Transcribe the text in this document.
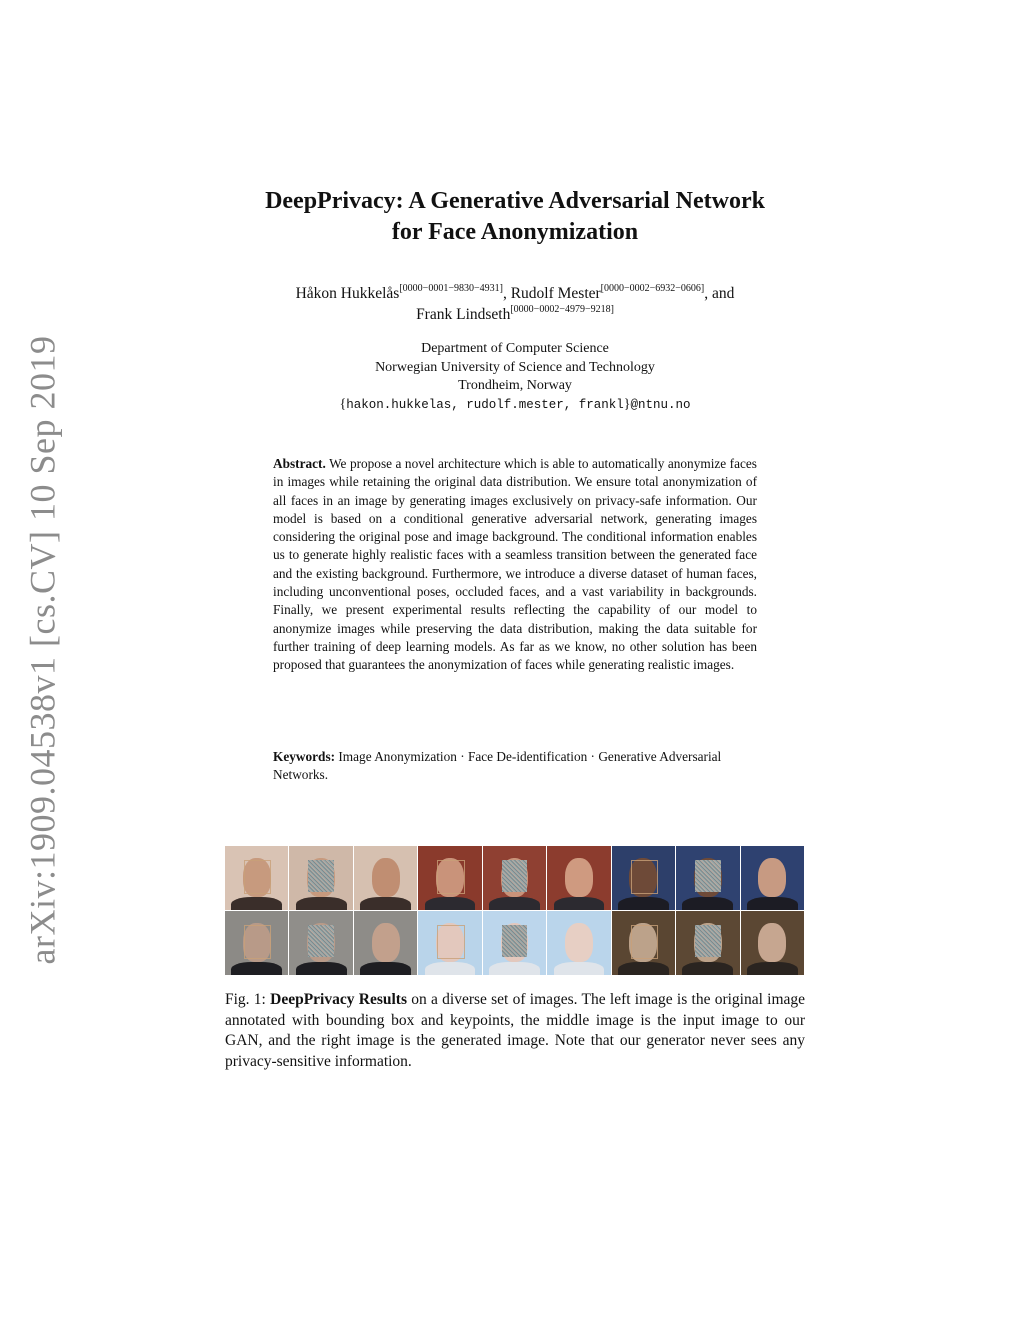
arXiv:1909.04538v1 [cs.CV] 10 Sep 2019
DeepPrivacy: A Generative Adversarial Network
for Face Anonymization
Håkon Hukkelås[0000−0001−9830−4931], Rudolf Mester[0000−0002−6932−0606], and
Frank Lindseth[0000−0002−4979−9218]
Department of Computer Science
Norwegian University of Science and Technology
Trondheim, Norway
{hakon.hukkelas, rudolf.mester, frankl}@ntnu.no
Abstract. We propose a novel architecture which is able to automatically anonymize faces in images while retaining the original data distribution. We ensure total anonymization of all faces in an image by generating images exclusively on privacy-safe information. Our model is based on a conditional generative adversarial network, generating images considering the original pose and image background. The conditional information enables us to generate highly realistic faces with a seamless transition between the generated face and the existing background. Furthermore, we introduce a diverse dataset of human faces, including unconventional poses, occluded faces, and a vast variability in backgrounds. Finally, we present experimental results reflecting the capability of our model to anonymize images while preserving the data distribution, making the data suitable for further training of deep learning models. As far as we know, no other solution has been proposed that guarantees the anonymization of faces while generating realistic images.
Keywords: Image Anonymization · Face De-identification · Generative Adversarial Networks.
Fig. 1: DeepPrivacy Results on a diverse set of images. The left image is the original image annotated with bounding box and keypoints, the middle image is the input image to our GAN, and the right image is the generated image. Note that our generator never sees any privacy-sensitive information.
